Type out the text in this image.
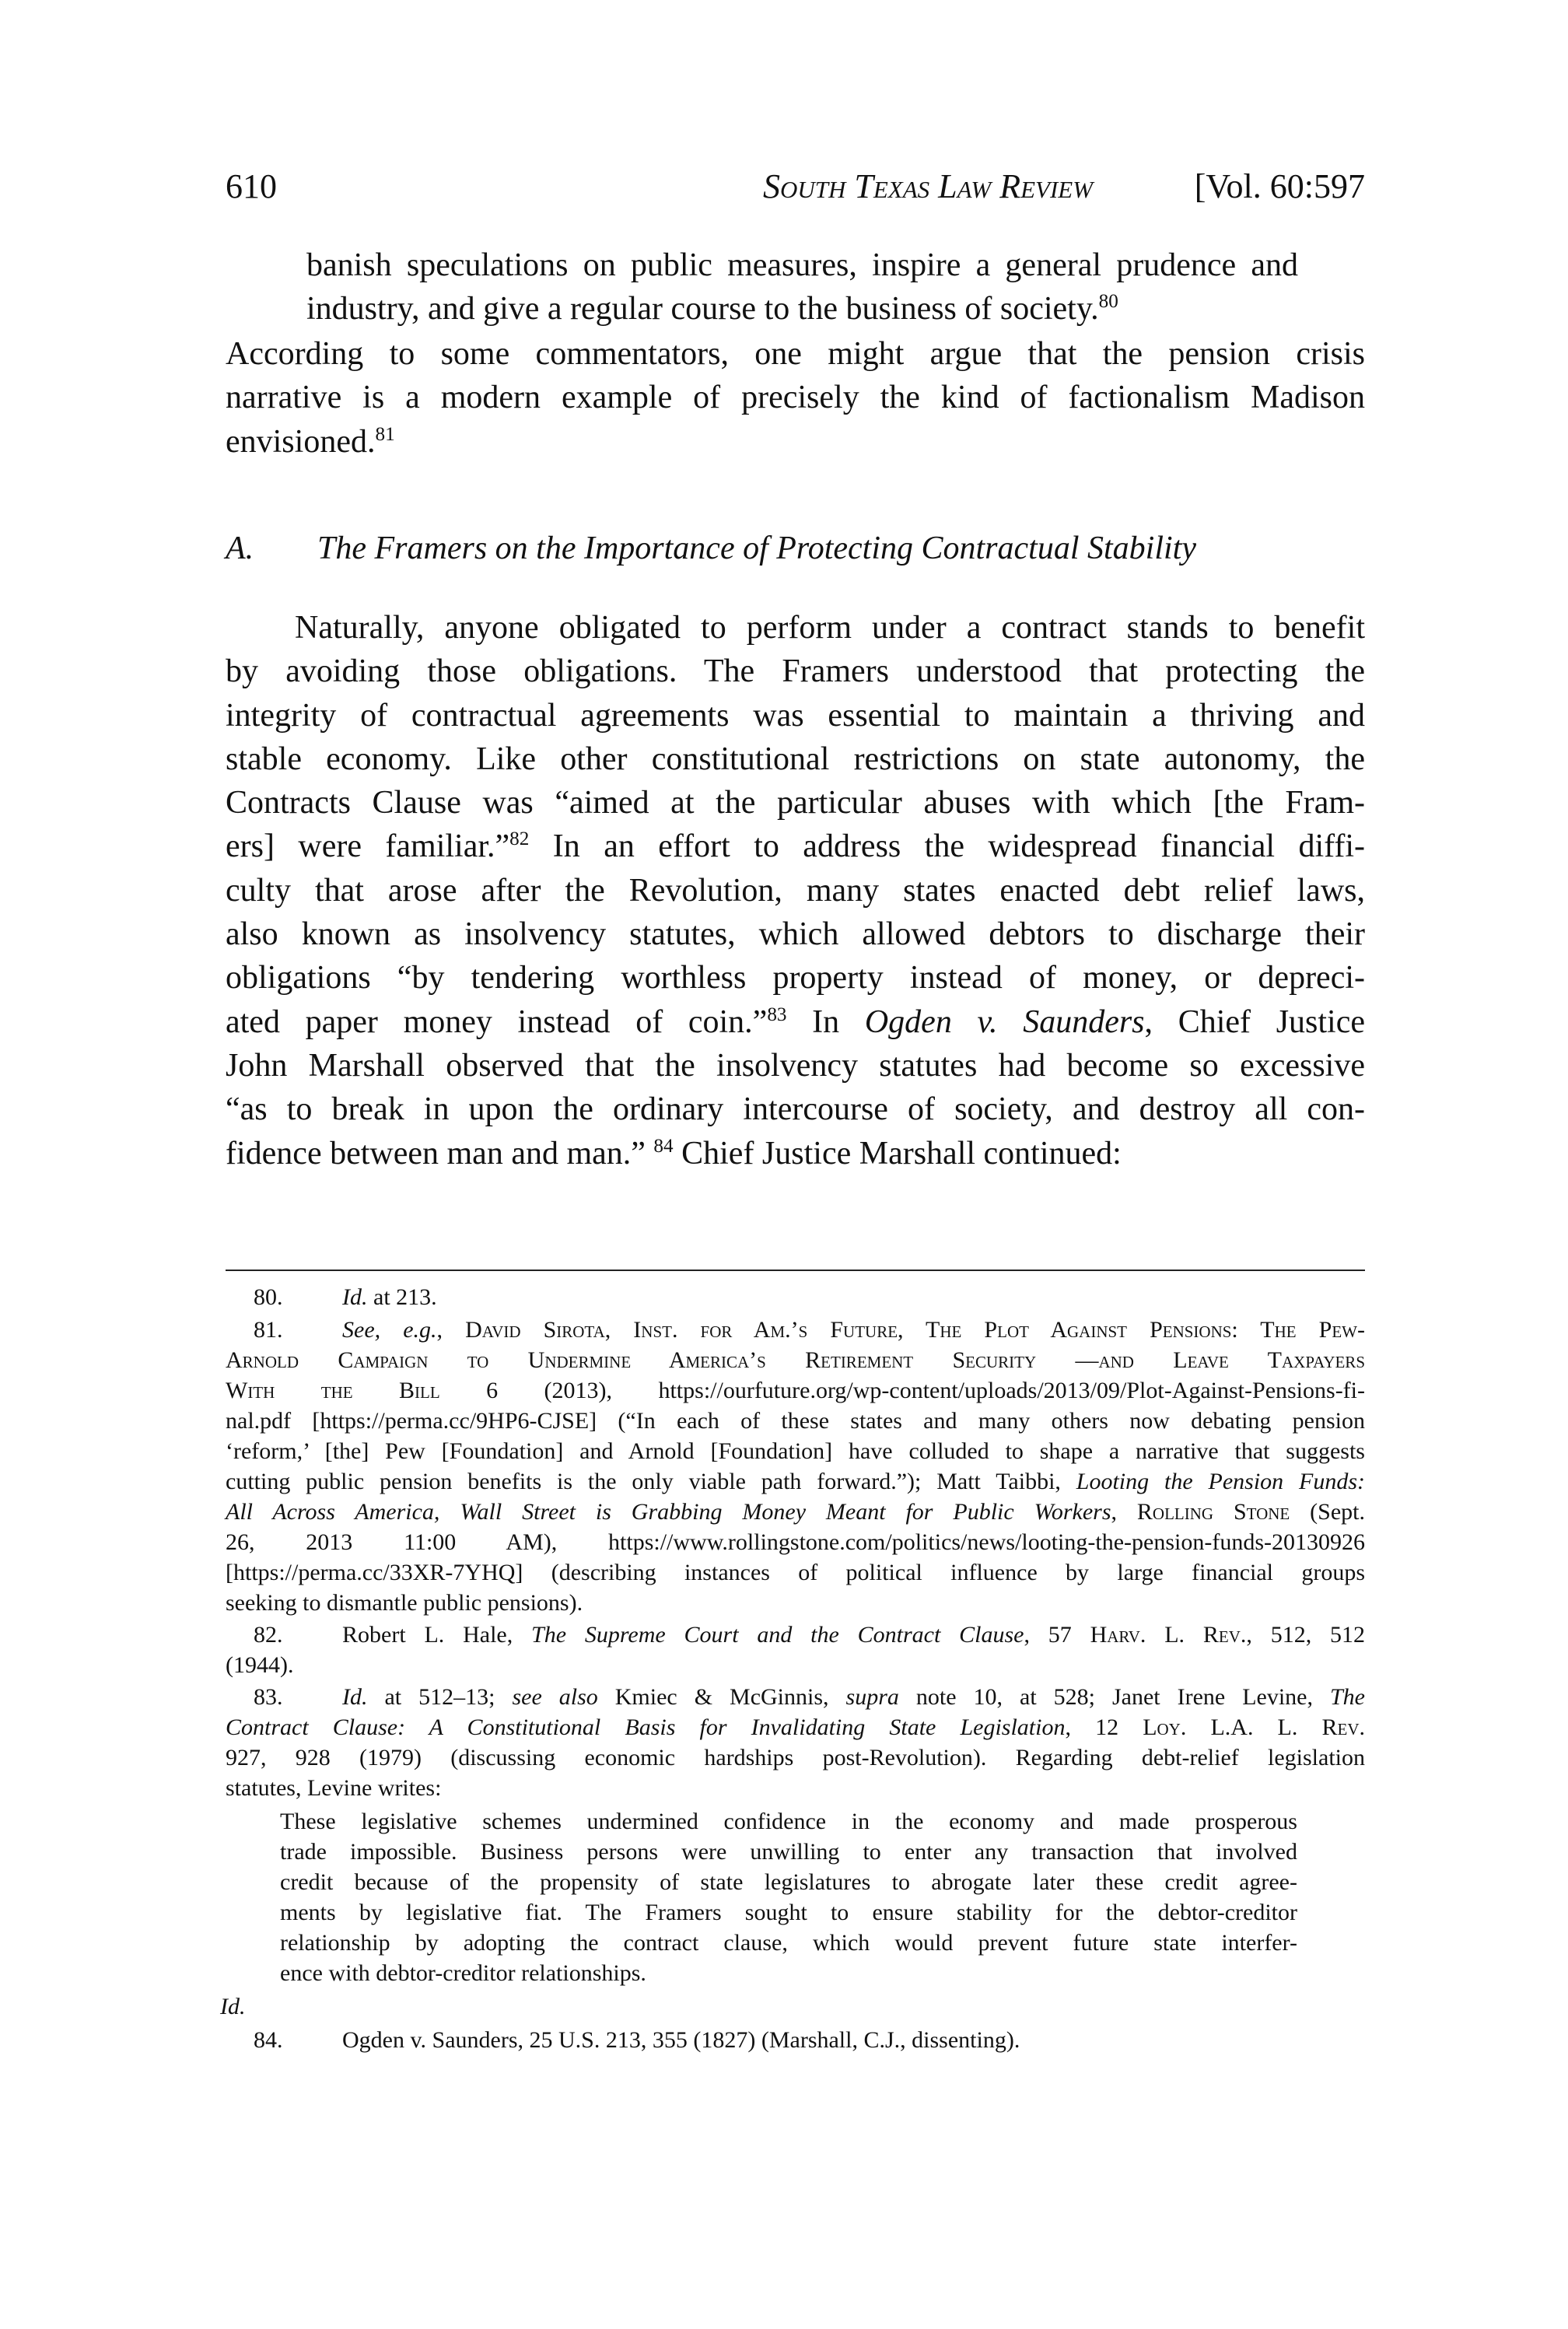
610	South Texas Law Review	[Vol. 60:597
banish speculations on public measures, inspire a general prudence and
industry, and give a regular course to the business of society.$^{80}$
According to some commentators, one might argue that the pension crisis
narrative is a modern example of precisely the kind of factionalism Madison
envisioned.$^{81}$
A. The Framers on the Importance of Protecting Contractual Stability
Naturally, anyone obligated to perform under a contract stands to benefit
by avoiding those obligations. The Framers understood that protecting the
integrity of contractual agreements was essential to maintain a thriving and
stable economy. Like other constitutional restrictions on state autonomy, the
Contracts Clause was “aimed at the particular abuses with which [the Fram-
ers] were familiar.”$^{82}$ In an effort to address the widespread financial diffi-
culty that arose after the Revolution, many states enacted debt relief laws,
also known as insolvency statutes, which allowed debtors to discharge their
obligations “by tendering worthless property instead of money, or depreci-
ated paper money instead of coin.”$^{83}$ In Ogden v. Saunders, Chief Justice
John Marshall observed that the insolvency statutes had become so excessive
“as to break in upon the ordinary intercourse of society, and destroy all con-
fidence between man and man.” $^{84}$ Chief Justice Marshall continued:
80.	Id. at 213.
81.	See, e.g., David Sirota, Inst. for Am.’s Future, The Plot Against Pensions: The Pew-
Arnold Campaign to Undermine America’s Retirement Security —and Leave Taxpayers
With the Bill 6 (2013), https://ourfuture.org/wp-content/uploads/2013/09/Plot-Against-Pensions-fi-
nal.pdf [https://perma.cc/9HP6-CJSE] (“In each of these states and many others now debating pension
‘reform,’ [the] Pew [Foundation] and Arnold [Foundation] have colluded to shape a narrative that suggests
cutting public pension benefits is the only viable path forward.”); Matt Taibbi, Looting the Pension Funds:
All Across America, Wall Street is Grabbing Money Meant for Public Workers, Rolling Stone (Sept.
26, 2013 11:00 AM), https://www.rollingstone.com/politics/news/looting-the-pension-funds-20130926
[https://perma.cc/33XR-7YHQ] (describing instances of political influence by large financial groups
seeking to dismantle public pensions).
82.	Robert L. Hale, The Supreme Court and the Contract Clause, 57 Harv. L. Rev., 512, 512
(1944).
83.	Id. at 512–13; see also Kmiec & McGinnis, supra note 10, at 528; Janet Irene Levine, The
Contract Clause: A Constitutional Basis for Invalidating State Legislation, 12 Loy. L.A. L. Rev.
927, 928 (1979) (discussing economic hardships post-Revolution). Regarding debt-relief legislation
statutes, Levine writes:
These legislative schemes undermined confidence in the economy and made prosperous
trade impossible. Business persons were unwilling to enter any transaction that involved
credit because of the propensity of state legislatures to abrogate later these credit agree-
ments by legislative fiat. The Framers sought to ensure stability for the debtor-creditor
relationship by adopting the contract clause, which would prevent future state interfer-
ence with debtor-creditor relationships.
Id.
84.	Ogden v. Saunders, 25 U.S. 213, 355 (1827) (Marshall, C.J., dissenting).
